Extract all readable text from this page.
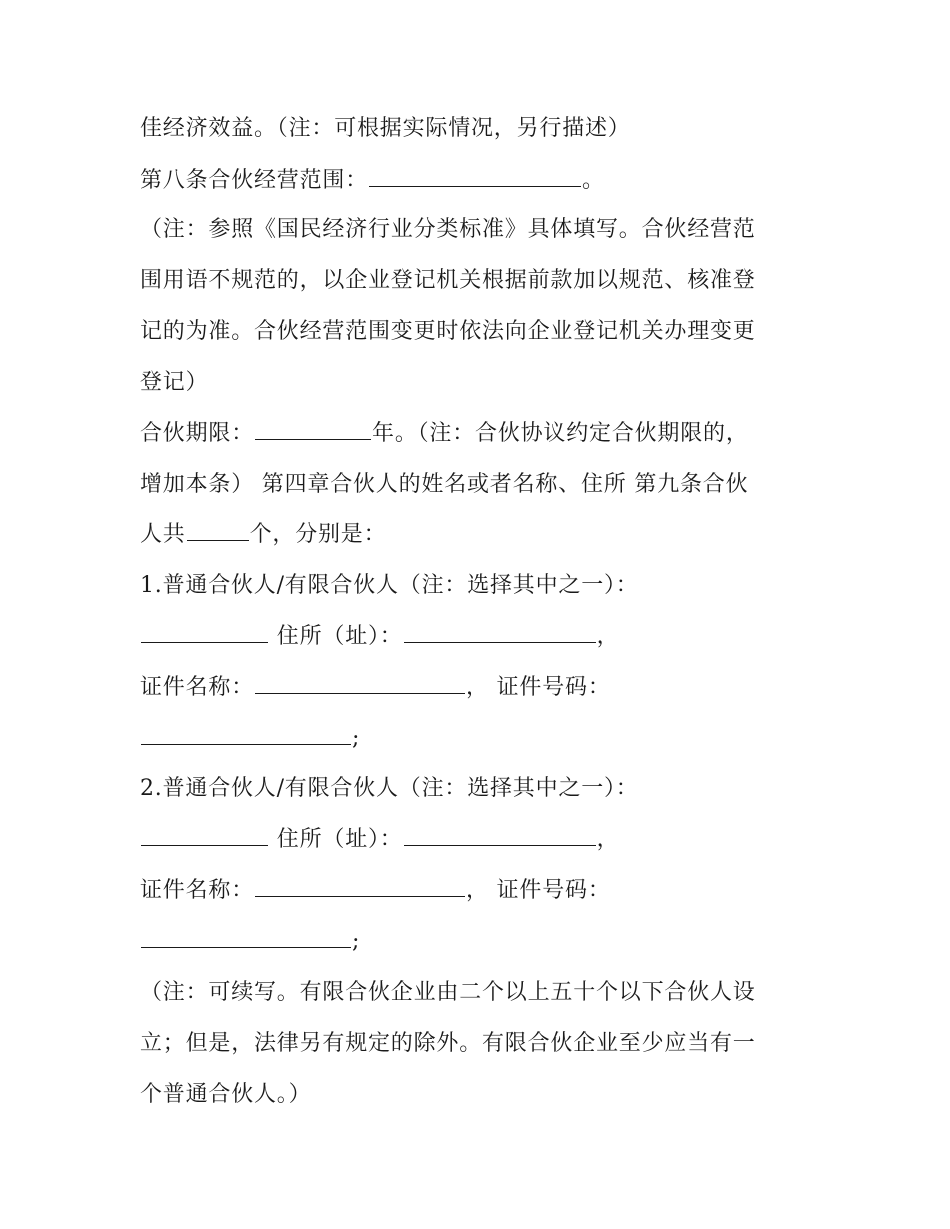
佳经济效益。（注：可根据实际情况，另行描述）
第八条合伙经营范围：	。
（注：参照《国民经济行业分类标准》具体填写。合伙经营范
围用语不规范的，以企业登记机关根据前款加以规范、核准登
记的为准。合伙经营范围变更时依法向企业登记机关办理变更
登记）
合伙期限：	年。（注：合伙协议约定合伙期限的，
增加本条） 第四章合伙人的姓名或者名称、住所 第九条合伙
人共	个，分别是：
1.普通合伙人/有限合伙人（注：选择其中之一）：
住所（址）：	，
证件名称：	， 证件号码：
;
2.普通合伙人/有限合伙人（注：选择其中之一）：
住所（址）：	，
证件名称：	， 证件号码：
;
（注：可续写。有限合伙企业由二个以上五十个以下合伙人设
立；但是，法律另有规定的除外。有限合伙企业至少应当有一
个普通合伙人。）
